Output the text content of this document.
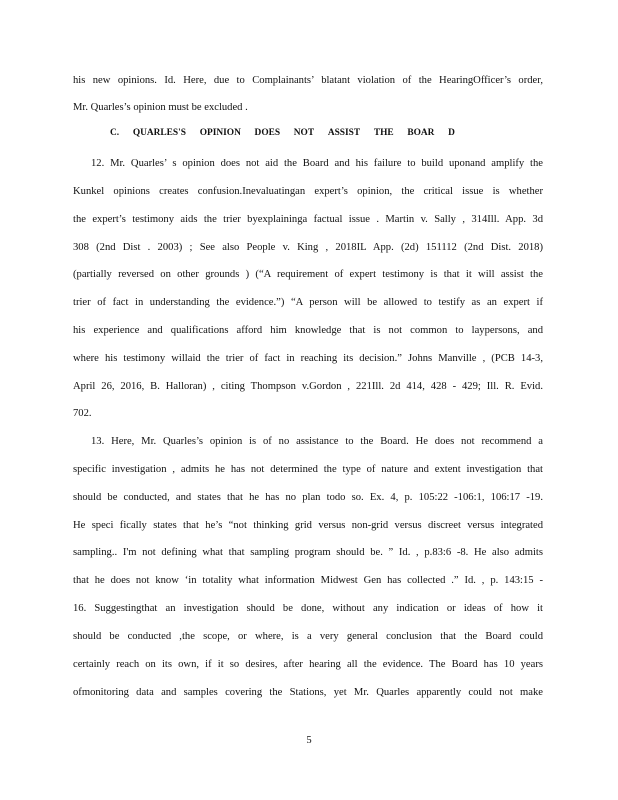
his new opinions. Id. Here, due to Complainants’ blatant violation of the HearingOfficer’s order,
Mr. Quarles’s opinion must be excluded .
C. QUARLES'S OPINION DOES NOT ASSIST THE BOAR D
12. Mr. Quarles’ s opinion does not aid the Board and his failure to build uponand amplify the
Kunkel opinions creates confusion.Inevaluatingan expert’s opinion, the critical issue is whether
the expert’s testimony aids the trier byexplaininga factual issue . Martin v. Sally , 314Ill. App. 3d
308 (2nd Dist . 2003) ; See also People v. King , 2018IL App. (2d) 151112 (2nd Dist. 2018)
(partially reversed on other grounds ) (“A requirement of expert testimony is that it will assist the
trier of fact in understanding the evidence.”) “A person will be allowed to testify as an expert if
his experience and qualifications afford him knowledge that is not common to laypersons, and
where his testimony willaid the trier of fact in reaching its decision.” Johns Manville , (PCB 14-3,
April 26, 2016, B. Halloran) , citing Thompson v.Gordon , 221Ill. 2d 414, 428 - 429; Ill. R. Evid.
702.
13. Here, Mr. Quarles’s opinion is of no assistance to the Board. He does not recommend a
specific investigation , admits he has not determined the type of nature and extent investigation that
should be conducted, and states that he has no plan todo so. Ex. 4, p. 105:22 -106:1, 106:17 -19.
He speci fically states that he’s “not thinking grid versus non-grid versus discreet versus integrated
sampling.. I'm not defining what that sampling program should be. ” Id. , p.83:6 -8. He also admits
that he does not know ‘in totality what information Midwest Gen has collected .” Id. , p. 143:15 -
16. Suggestingthat an investigation should be done, without any indication or ideas of how it
should be conducted ,the scope, or where, is a very general conclusion that the Board could
certainly reach on its own, if it so desires, after hearing all the evidence. The Board has 10 years
ofmonitoring data and samples covering the Stations, yet Mr. Quarles apparently could not make
5
